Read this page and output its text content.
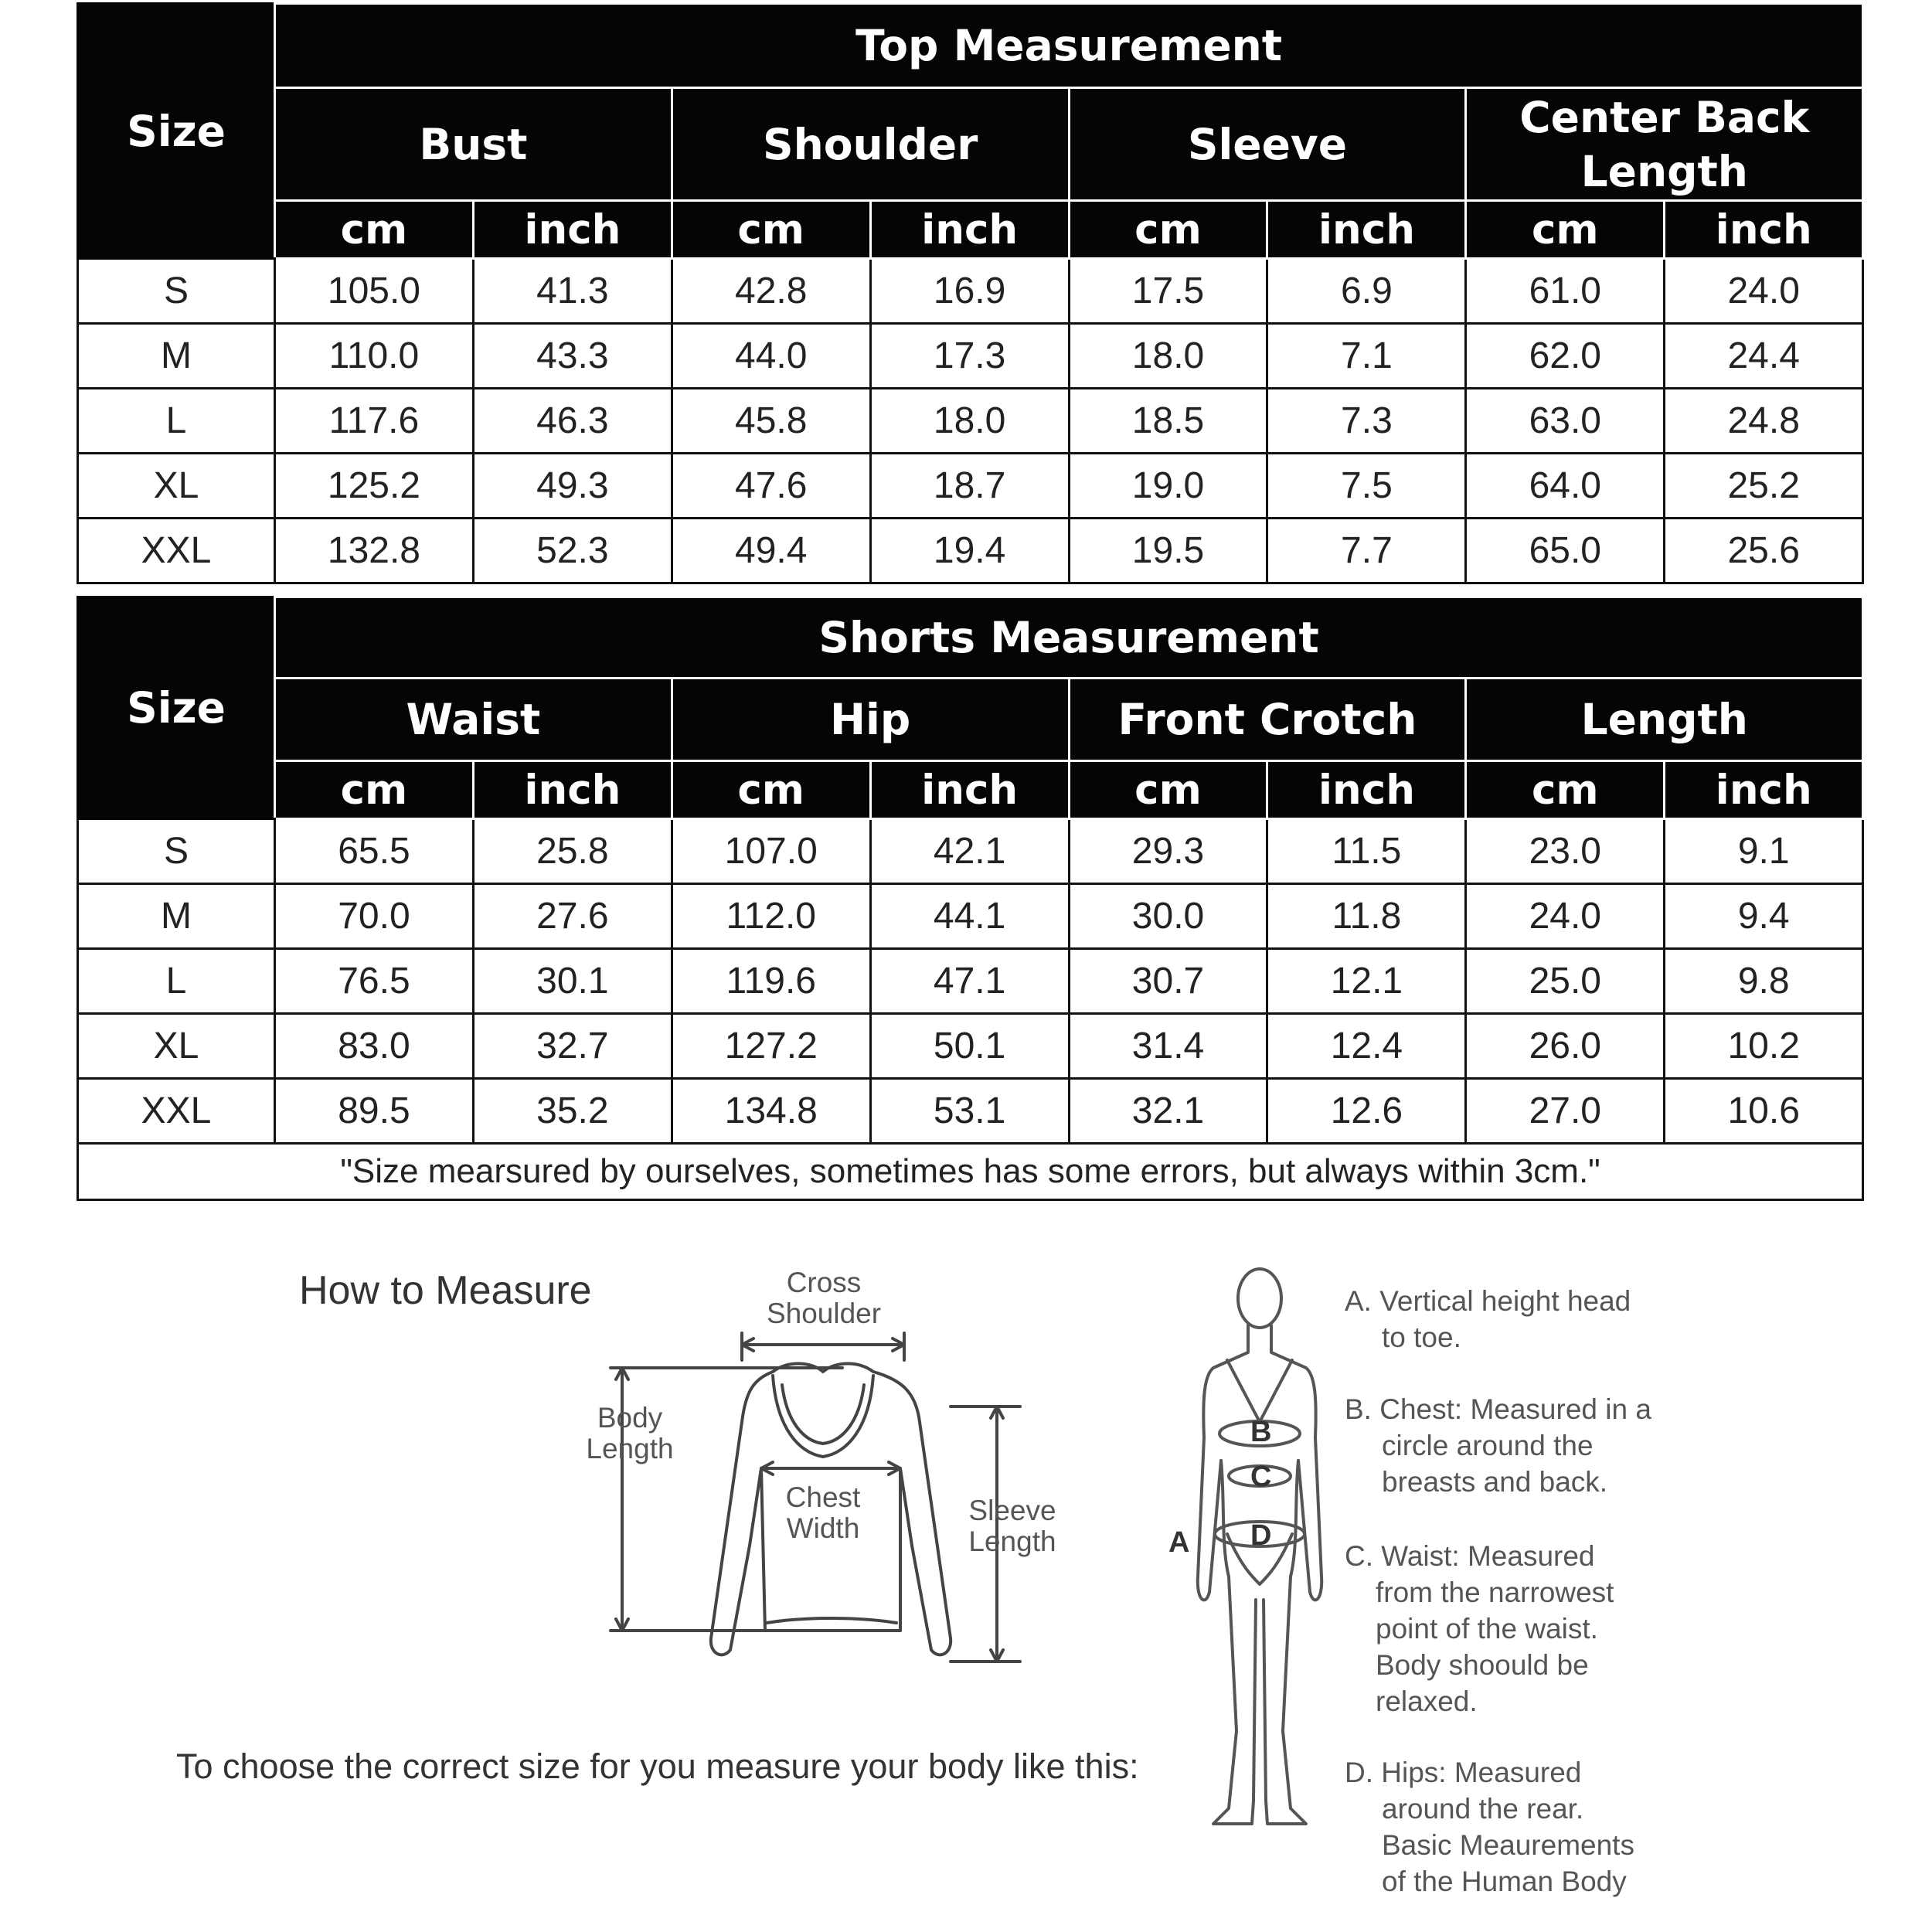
Size	Top Measurement							
	Bust		Shoulder		Sleeve		Center Back Length	
	cm	inch	cm	inch	cm	inch	cm	inch
S	105.0	41.3	42.8	16.9	17.5	6.9	61.0	24.0
M	110.0	43.3	44.0	17.3	18.0	7.1	62.0	24.4
L	117.6	46.3	45.8	18.0	18.5	7.3	63.0	24.8
XL	125.2	49.3	47.6	18.7	19.0	7.5	64.0	25.2
XXL	132.8	52.3	49.4	19.4	19.5	7.7	65.0	25.6
Size	Shorts Measurement							
	Waist		Hip		Front Crotch		Length	
	cm	inch	cm	inch	cm	inch	cm	inch
S	65.5	25.8	107.0	42.1	29.3	11.5	23.0	9.1
M	70.0	27.6	112.0	44.1	30.0	11.8	24.0	9.4
L	76.5	30.1	119.6	47.1	30.7	12.1	25.0	9.8
XL	83.0	32.7	127.2	50.1	31.4	12.4	26.0	10.2
XXL	89.5	35.2	134.8	53.1	32.1	12.6	27.0	10.6
"Size mearsured by ourselves, sometimes has some errors, but always within 3cm."								
How to Measure
To choose the correct size for you measure your body like this:
Cross
Shoulder
Body
Length
Chest
Width
Sleeve
Length	A
B
C
D
A. Vertical height head
to toe.
B. Chest: Measured in a
circle around the
breasts and back.
C. Waist: Measured
from the narrowest
point of the waist.
Body shoould be
relaxed.
D. Hips: Measured
around the rear.
Basic Meaurements
of the Human Body
